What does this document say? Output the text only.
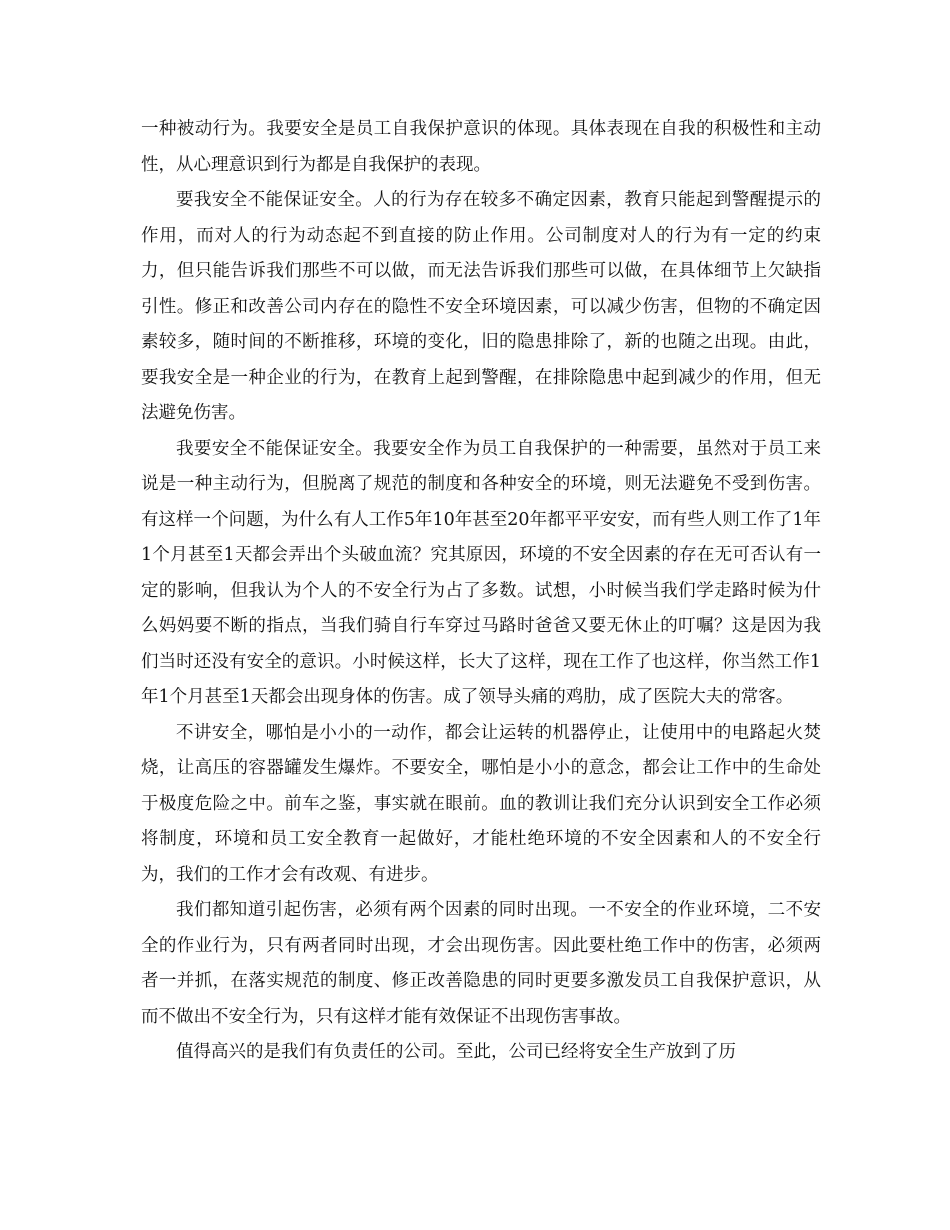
一种被动行为。我要安全是员工自我保护意识的体现。具体表现在自我的积极性和主动性，从心理意识到行为都是自我保护的表现。

要我安全不能保证安全。人的行为存在较多不确定因素，教育只能起到警醒提示的作用，而对人的行为动态起不到直接的防止作用。公司制度对人的行为有一定的约束力，但只能告诉我们那些不可以做，而无法告诉我们那些可以做，在具体细节上欠缺指引性。修正和改善公司内存在的隐性不安全环境因素，可以减少伤害，但物的不确定因素较多，随时间的不断推移，环境的变化，旧的隐患排除了，新的也随之出现。由此，要我安全是一种企业的行为，在教育上起到警醒，在排除隐患中起到减少的作用，但无法避免伤害。

我要安全不能保证安全。我要安全作为员工自我保护的一种需要，虽然对于员工来说是一种主动行为，但脱离了规范的制度和各种安全的环境，则无法避免不受到伤害。有这样一个问题，为什么有人工作5年10年甚至20年都平平安安，而有些人则工作了1年1个月甚至1天都会弄出个头破血流？究其原因，环境的不安全因素的存在无可否认有一定的影响，但我认为个人的不安全行为占了多数。试想，小时候当我们学走路时候为什么妈妈要不断的指点，当我们骑自行车穿过马路时爸爸又要无休止的叮嘱？这是因为我们当时还没有安全的意识。小时候这样，长大了这样，现在工作了也这样，你当然工作1年1个月甚至1天都会出现身体的伤害。成了领导头痛的鸡肋，成了医院大夫的常客。

不讲安全，哪怕是小小的一动作，都会让运转的机器停止，让使用中的电路起火焚烧，让高压的容器罐发生爆炸。不要安全，哪怕是小小的意念，都会让工作中的生命处于极度危险之中。前车之鉴，事实就在眼前。血的教训让我们充分认识到安全工作必须将制度，环境和员工安全教育一起做好，才能杜绝环境的不安全因素和人的不安全行为，我们的工作才会有改观、有进步。

我们都知道引起伤害，必须有两个因素的同时出现。一不安全的作业环境，二不安全的作业行为，只有两者同时出现，才会出现伤害。因此要杜绝工作中的伤害，必须两者一并抓，在落实规范的制度、修正改善隐患的同时更要多激发员工自我保护意识，从而不做出不安全行为，只有这样才能有效保证不出现伤害事故。

值得高兴的是我们有负责任的公司。至此，公司已经将安全生产放到了历
